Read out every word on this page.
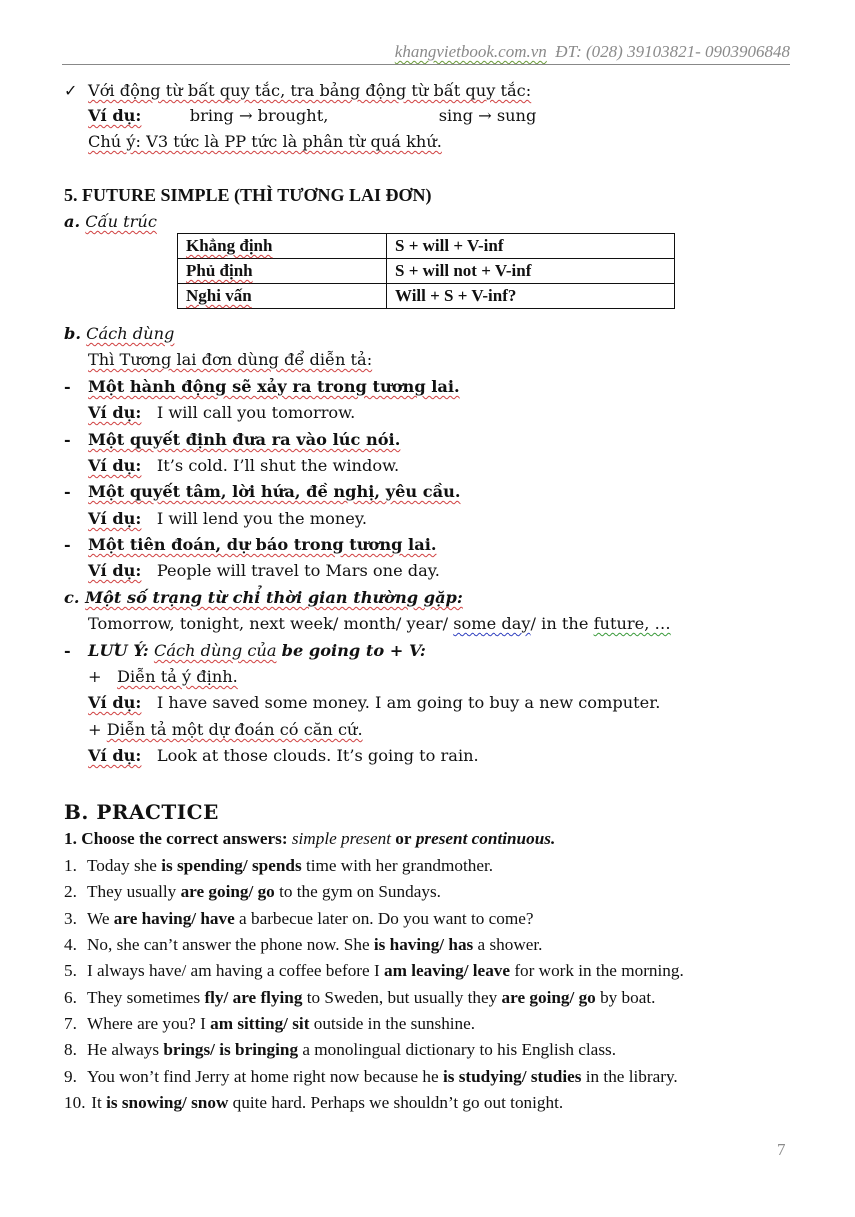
khangvietbook.com.vn ĐT: (028) 39103821- 0903906848
✓ Với động từ bất quy tắc, tra bảng động từ bất quy tắc:
Ví dụ:	bring → brought,	sing → sung
Chú ý: V3 tức là PP tức là phân từ quá khứ.
5. FUTURE SIMPLE (THÌ TƯƠNG LAI ĐƠN)
a. Cấu trúc
Khẳng định	S + will + V-inf
Phủ định	S + will not + V-inf
Nghi vấn	Will + S + V-inf?
b. Cách dùng
Thì Tương lai đơn dùng để diễn tả:
- Một hành động sẽ xảy ra trong tương lai.
Ví dụ: I will call you tomorrow.
- Một quyết định đưa ra vào lúc nói.
Ví dụ: It’s cold. I’ll shut the window.
- Một quyết tâm, lời hứa, đề nghị, yêu cầu.
Ví dụ: I will lend you the money.
- Một tiên đoán, dự báo trong tương lai.
Ví dụ: People will travel to Mars one day.
c. Một số trạng từ chỉ thời gian thường gặp:
Tomorrow, tonight, next week/ month/ year/ some day/ in the future, …
- LƯU Ý: Cách dùng của be going to + V:
+ Diễn tả ý định.
Ví dụ: I have saved some money. I am going to buy a new computer.
+ Diễn tả một dự đoán có căn cứ.
Ví dụ: Look at those clouds. It’s going to rain.
B. PRACTICE
1. Choose the correct answers: simple present or present continuous.
1. Today she is spending/ spends time with her grandmother.
2. They usually are going/ go to the gym on Sundays.
3. We are having/ have a barbecue later on. Do you want to come?
4. No, she can’t answer the phone now. She is having/ has a shower.
5. I always have/ am having a coffee before I am leaving/ leave for work in the morning.
6. They sometimes fly/ are flying to Sweden, but usually they are going/ go by boat.
7. Where are you? I am sitting/ sit outside in the sunshine.
8. He always brings/ is bringing a monolingual dictionary to his English class.
9. You won’t find Jerry at home right now because he is studying/ studies in the library.
10. It is snowing/ snow quite hard. Perhaps we shouldn’t go out tonight.
7
